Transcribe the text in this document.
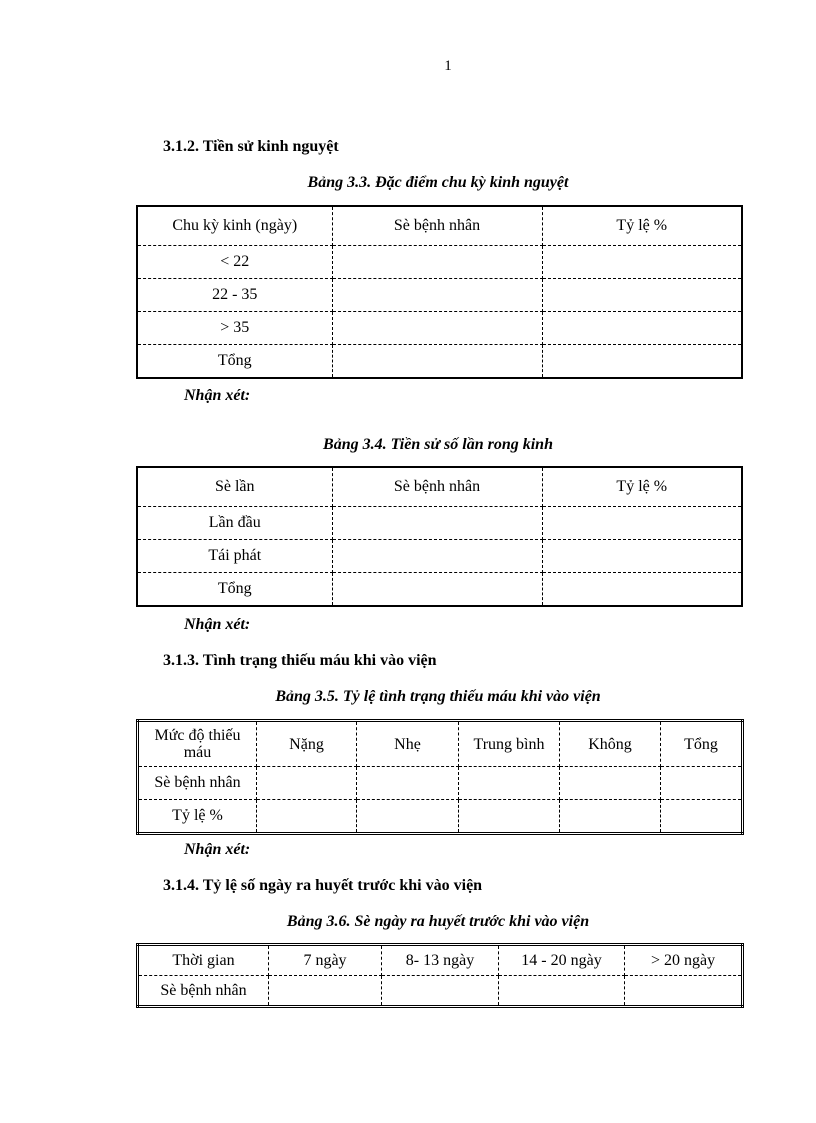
1
3.1.2. Tiền sử kinh nguyệt
Bảng 3.3. Đặc điểm chu kỳ kinh nguyệt
Chu kỳ kinh (ngày)	Sè bệnh nhân	Tỷ lệ %
< 22		
22 - 35		
> 35		
Tổng		
Nhận xét:
Bảng 3.4. Tiền sử số lần rong kinh
Sè lần	Sè bệnh nhân	Tỷ lệ %
Lần đầu		
Tái phát		
Tổng		
Nhận xét:
3.1.3. Tình trạng thiếu máu khi vào viện
Bảng 3.5. Tỷ lệ tình trạng thiếu máu khi vào viện
Mức độ thiếu máu	Nặng	Nhẹ	Trung bình	Không	Tổng
Sè bệnh nhân					
Tỷ lệ %					
Nhận xét:
3.1.4. Tỷ lệ số ngày ra huyết trước khi vào viện
Bảng 3.6. Sè ngày ra huyết trước khi vào viện
Thời gian	7 ngày	8- 13 ngày	14 - 20 ngày	> 20 ngày
Sè bệnh nhân				
